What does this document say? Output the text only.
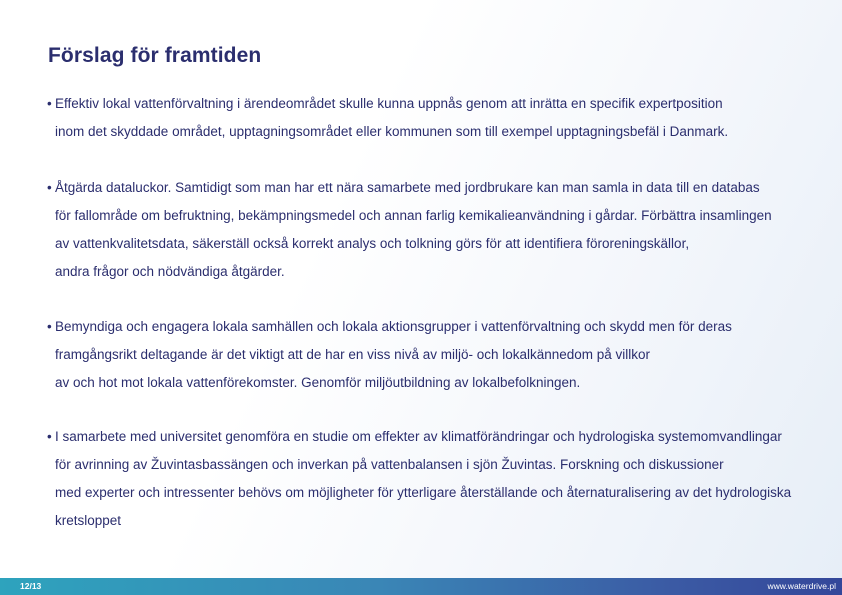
Förslag för framtiden
• Effektiv lokal vattenförvaltning i ärendeområdet skulle kunna uppnås genom att inrätta en specifik expertposition
inom det skyddade området, upptagningsområdet eller kommunen som till exempel upptagningsbefäl i Danmark.
• Åtgärda dataluckor. Samtidigt som man har ett nära samarbete med jordbrukare kan man samla in data till en databas
för fallområde om befruktning, bekämpningsmedel och annan farlig kemikalieanvändning i gårdar. Förbättra insamlingen
av vattenkvalitetsdata, säkerställ också korrekt analys och tolkning görs för att identifiera föroreningskällor,
andra frågor och nödvändiga åtgärder.
• Bemyndiga och engagera lokala samhällen och lokala aktionsgrupper i vattenförvaltning och skydd men för deras
framgångsrikt deltagande är det viktigt att de har en viss nivå av miljö- och lokalkännedom på villkor
av och hot mot lokala vattenförekomster. Genomför miljöutbildning av lokalbefolkningen.
• I samarbete med universitet genomföra en studie om effekter av klimatförändringar och hydrologiska systemomvandlingar
för avrinning av Žuvintasbassängen och inverkan på vattenbalansen i sjön Žuvintas. Forskning och diskussioner
med experter och intressenter behövs om möjligheter för ytterligare återställande och åternaturalisering av det hydrologiska
kretsloppet
12/13	www.waterdrive.pl
